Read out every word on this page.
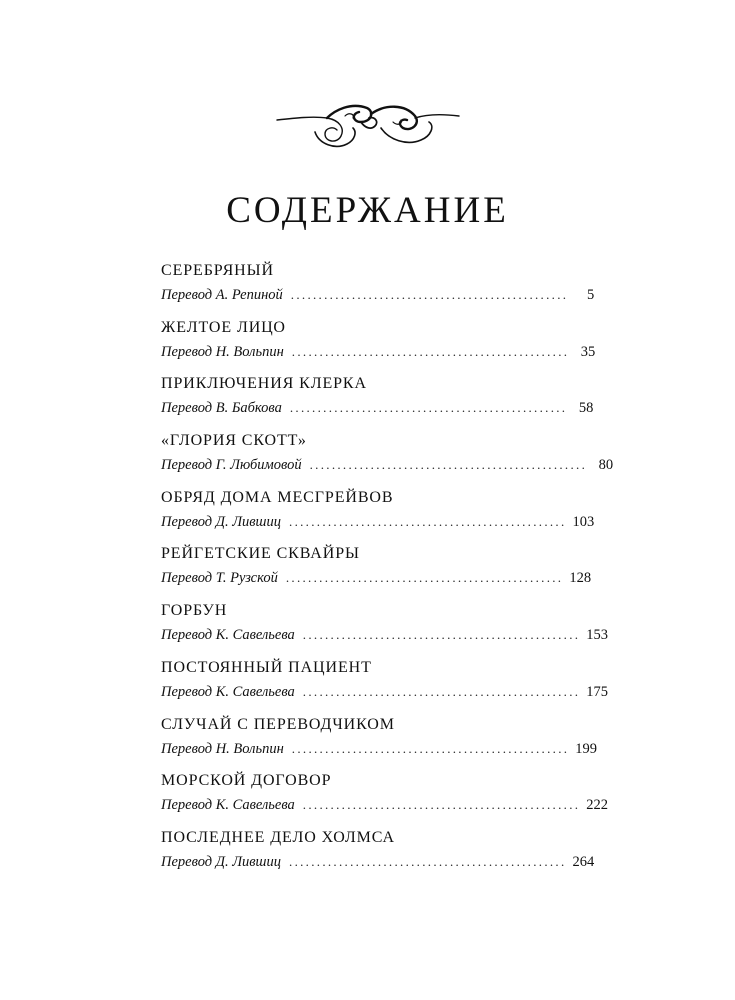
СОДЕРЖАНИЕ
СЕРЕБРЯНЫЙ
Перевод А. Репиной ..................................................	5
ЖЕЛТОЕ ЛИЦО
Перевод Н. Вольпин .................................................. 35
ПРИКЛЮЧЕНИЯ КЛЕРКА
Перевод В. Бабкова .................................................. 58
«ГЛОРИЯ СКОТТ»
Перевод Г. Любимовой .................................................. 80
ОБРЯД ДОМА МЕСГРЕЙВОВ
Перевод Д. Лившиц .................................................. 103
РЕЙГЕТСКИЕ СКВАЙРЫ
Перевод Т. Рузской .................................................. 128
ГОРБУН
Перевод К. Савельева .................................................. 153
ПОСТОЯННЫЙ ПАЦИЕНТ
Перевод К. Савельева .................................................. 175
СЛУЧАЙ С ПЕРЕВОДЧИКОМ
Перевод Н. Вольпин .................................................. 199
МОРСКОЙ ДОГОВОР
Перевод К. Савельева .................................................. 222
ПОСЛЕДНЕЕ ДЕЛО ХОЛМСА
Перевод Д. Лившиц .................................................. 264
